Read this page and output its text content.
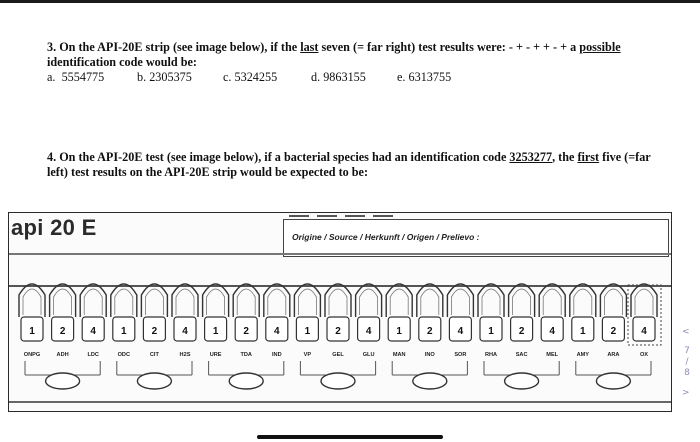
3. On the API-20E strip (see image below), if the last seven (= far right) test results were: - + - + + - + a possible identification code would be:
a. 5554775	b. 2305375	c. 5324255	d. 9863155	e. 6313755
4. On the API-20E test (see image below), if a bacterial species had an identification code 3253277, the first five (=far left) test results on the API-20E strip would be expected to be:
api 20 E	Origine / Source / Herkunft / Origen / Prelievo :
1
ONPG
2
ADH
4
LDC
1
ODC
2
CIT
4
H2S
1
URE
2
TDA
4
IND
1
VP
2
GEL
4
GLU
1
MAN
2
INO
4
SOR
1
RHA
2
SAC
4
MEL
1
AMY
2
ARA
4
OX
<
7 / 8
>
